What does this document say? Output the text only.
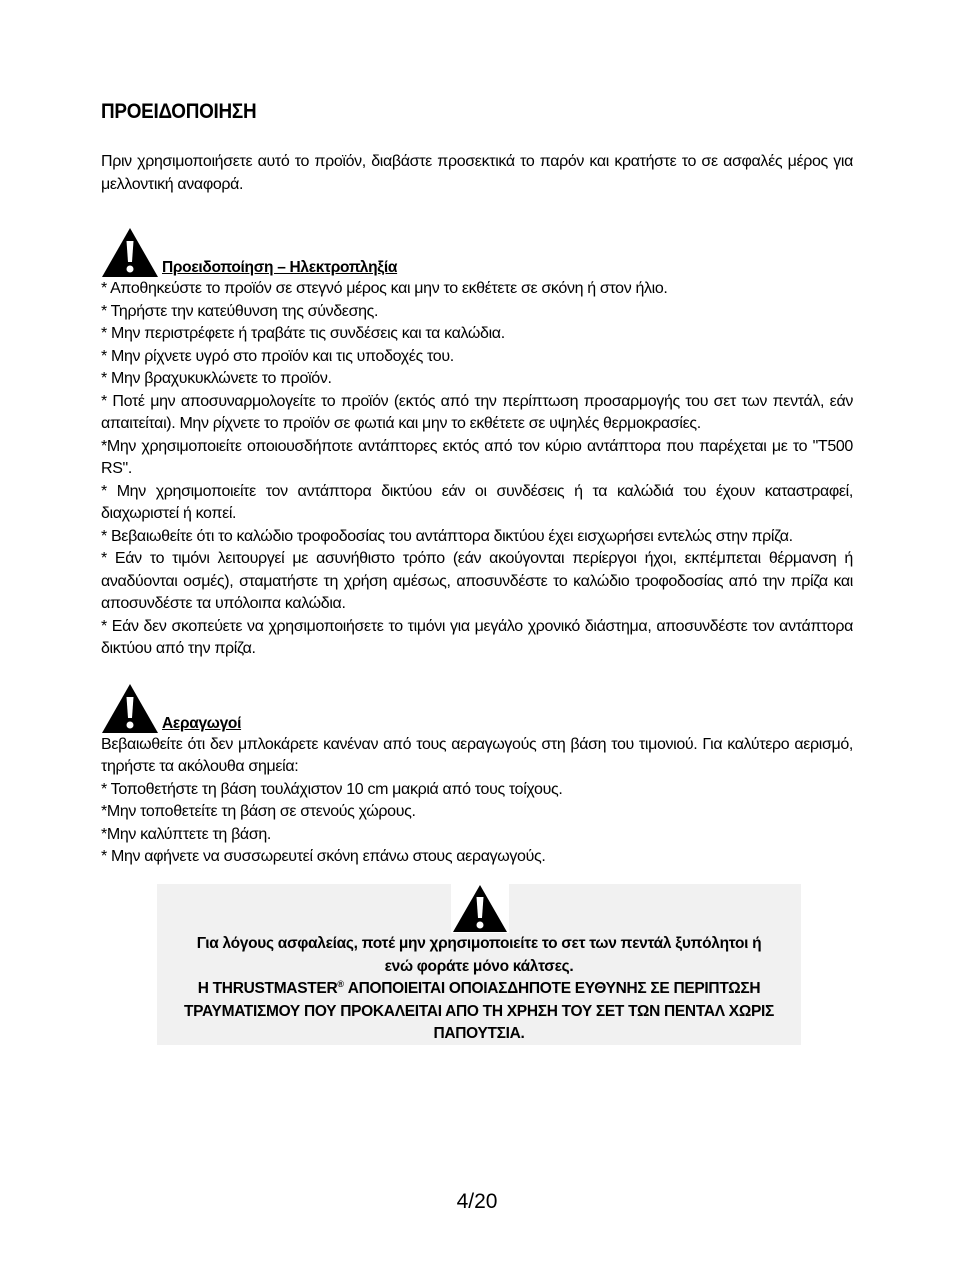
ΠΡΟΕΙΔΟΠΟΙΗΣΗ

Πριν χρησιμοποιήσετε αυτό το προϊόν, διαβάστε προσεκτικά το παρόν και κρατήστε το σε ασφαλές μέρος για μελλοντική αναφορά.

Προειδοποίηση – Ηλεκτροπληξία

* Αποθηκεύστε το προϊόν σε στεγνό μέρος και μην το εκθέτετε σε σκόνη ή στον ήλιο.

* Τηρήστε την κατεύθυνση της σύνδεσης.

* Μην περιστρέφετε ή τραβάτε τις συνδέσεις και τα καλώδια.

* Μην ρίχνετε υγρό στο προϊόν και τις υποδοχές του.

* Μην βραχυκυκλώνετε το προϊόν.

* Ποτέ μην αποσυναρμολογείτε το προϊόν (εκτός από την περίπτωση προσαρμογής του σετ των πεντάλ, εάν απαιτείται). Μην ρίχνετε το προϊόν σε φωτιά και μην το εκθέτετε σε υψηλές θερμοκρασίες.

*Μην χρησιμοποιείτε οποιουσδήποτε αντάπτορες εκτός από τον κύριο αντάπτορα που παρέχεται με το "T500 RS".

* Μην χρησιμοποιείτε τον αντάπτορα δικτύου εάν οι συνδέσεις ή τα καλώδιά του έχουν καταστραφεί, διαχωριστεί ή κοπεί.

* Βεβαιωθείτε ότι το καλώδιο τροφοδοσίας του αντάπτορα δικτύου έχει εισχωρήσει εντελώς στην πρίζα.

* Εάν το τιμόνι λειτουργεί με ασυνήθιστο τρόπο (εάν ακούγονται περίεργοι ήχοι, εκπέμπεται θέρμανση ή αναδύονται οσμές), σταματήστε τη χρήση αμέσως, αποσυνδέστε το καλώδιο τροφοδοσίας από την πρίζα και αποσυνδέστε τα υπόλοιπα καλώδια.

* Εάν δεν σκοπεύετε να χρησιμοποιήσετε το τιμόνι για μεγάλο χρονικό διάστημα, αποσυνδέστε τον αντάπτορα δικτύου από την πρίζα.

Αεραγωγοί

Βεβαιωθείτε ότι δεν μπλοκάρετε κανέναν από τους αεραγωγούς στη βάση του τιμονιού. Για καλύτερο αερισμό, τηρήστε τα ακόλουθα σημεία:

* Τοποθετήστε τη βάση τουλάχιστον 10 cm μακριά από τους τοίχους.

*Μην τοποθετείτε τη βάση σε στενούς χώρους.

*Μην καλύπτετε τη βάση.

* Μην αφήνετε να συσσωρευτεί σκόνη επάνω στους αεραγωγούς.

Για λόγους ασφαλείας, ποτέ μην χρησιμοποιείτε το σετ των πεντάλ ξυπόλητοι ή
ενώ φοράτε μόνο κάλτσες.
Η THRUSTMASTER® ΑΠΟΠΟΙΕΙΤΑΙ ΟΠΟΙΑΣΔΗΠΟΤΕ ΕΥΘΥΝΗΣ ΣΕ ΠΕΡΙΠΤΩΣΗ ΤΡΑΥΜΑΤΙΣΜΟΥ ΠΟΥ ΠΡΟΚΑΛΕΙΤΑΙ ΑΠΟ ΤΗ ΧΡΗΣΗ ΤΟΥ ΣΕΤ ΤΩΝ ΠΕΝΤΑΛ ΧΩΡΙΣ ΠΑΠΟΥΤΣΙΑ.
4/20
